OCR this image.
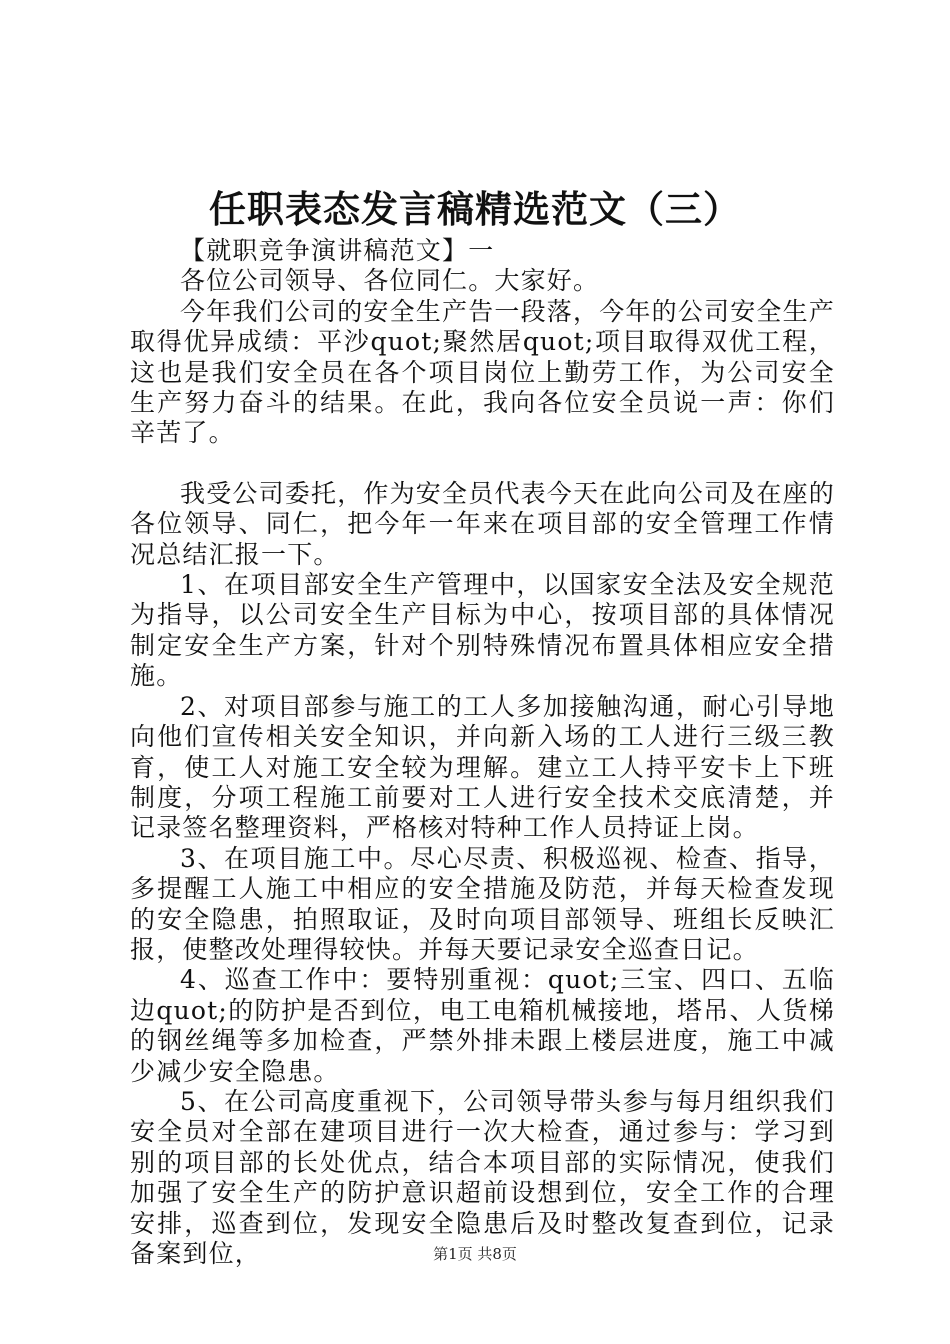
任职表态发言稿精选范文（三）

【就职竞争演讲稿范文】一

各位公司领导、各位同仁。大家好。

今年我们公司的安全生产告一段落，今年的公司安全生产取得优异成绩：平沙quot;聚然居quot;项目取得双优工程，这也是我们安全员在各个项目岗位上勤劳工作，为公司安全生产努力奋斗的结果。在此，我向各位安全员说一声：你们辛苦了。

我受公司委托，作为安全员代表今天在此向公司及在座的各位领导、同仁，把今年一年来在项目部的安全管理工作情况总结汇报一下。

1、在项目部安全生产管理中，以国家安全法及安全规范为指导，以公司安全生产目标为中心，按项目部的具体情况制定安全生产方案，针对个别特殊情况布置具体相应安全措施。

2、对项目部参与施工的工人多加接触沟通，耐心引导地向他们宣传相关安全知识，并向新入场的工人进行三级三教育，使工人对施工安全较为理解。建立工人持平安卡上下班制度，分项工程施工前要对工人进行安全技术交底清楚，并记录签名整理资料，严格核对特种工作人员持证上岗。

3、在项目施工中。尽心尽责、积极巡视、检查、指导，多提醒工人施工中相应的安全措施及防范，并每天检查发现的安全隐患，拍照取证，及时向项目部领导、班组长反映汇报，使整改处理得较快。并每天要记录安全巡查日记。

4、巡查工作中：要特别重视：quot;三宝、四口、五临边quot;的防护是否到位，电工电箱机械接地，塔吊、人货梯的钢丝绳等多加检查，严禁外排未跟上楼层进度，施工中减少减少安全隐患。

5、在公司高度重视下，公司领导带头参与每月组织我们安全员对全部在建项目进行一次大检查，通过参与：学习到别的项目部的长处优点，结合本项目部的实际情况，使我们加强了安全生产的防护意识超前设想到位，安全工作的合理安排，巡查到位，发现安全隐患后及时整改复查到位，记录备案到位，	第1页 共8页
